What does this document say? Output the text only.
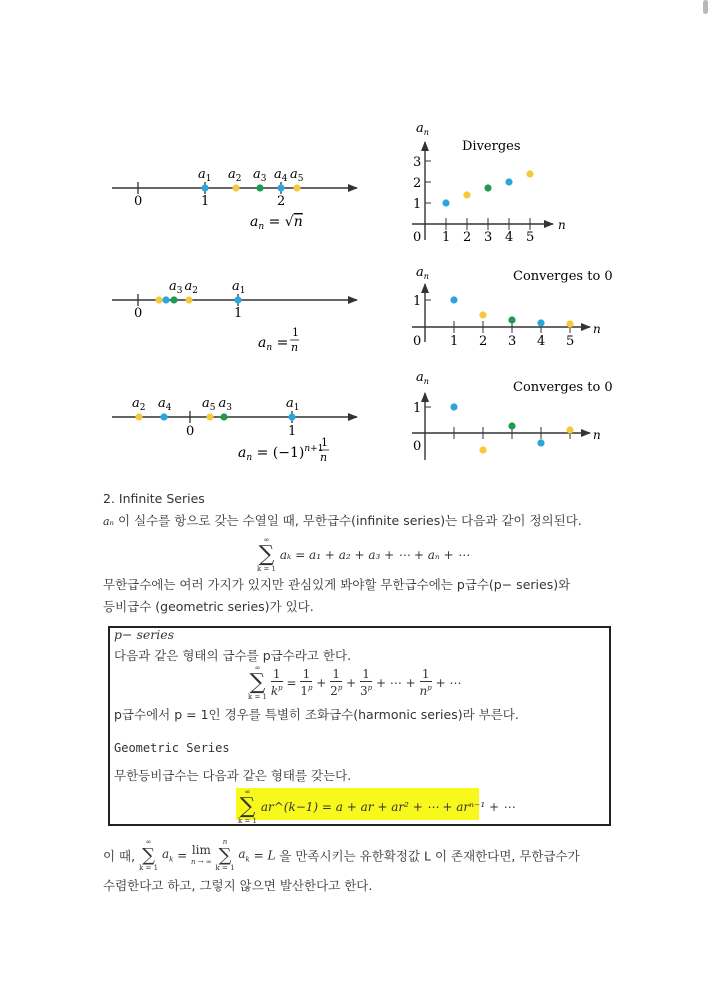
0	1	2
$a_1$ $a_2$ $a_3$ $a_4$ $a_5$
$a_n = √n$
$a_n$
n
Diverges
0
1
2
3
1 2 3 4 5
0	1
$a_3$ $a_2$	$a_1$
$a_n$ =
1
n
$a_n$
n
Converges to 0
0
1
1 2 3 4 5
0	1
$a_2$ $a_4$ $a_5$ $a_3$	$a_1$
$a_n = (-1)^n+1$
1
n
$a_n$
n
Converges to 0
0
1
2. Infinite Series
aₙ 이 실수를 항으로 갖는 수열일 때, 무한급수(infinite series)는 다음과 같이 정의된다.
∞
∑
k = 1
aₖ = a₁ + a₂ + a₃ + ⋯ + aₙ + ⋯
무한급수에는 여러 가지가 있지만 관심있게 봐야할 무한급수에는 p급수(p− series)와
등비급수 (geometric series)가 있다.
p− series
다음과 같은 형태의 급수를 p급수라고 한다.
∞
∑
k = 1
$\frac{1}{k^p} = \frac{1}{1^p} + \frac{1}{2^p} + \frac{1}{3^p}$ + ⋯ + $\frac{1}{n^p}$ + ⋯
p급수에서 p = 1인 경우를 특별히 조화급수(harmonic series)라 부른다.
Geometric Series
무한등비급수는 다음과 같은 형태를 갖는다.
∞
∑
k = 1
ar^(k−1) = a + ar + ar² + ⋯ + arⁿ⁻¹ + ⋯
이 때,
∞
∑
k = 1
$a_k = \lim$
n → ∞

n
∑
k = 1
$a_k = L$ 을 만족시키는 유한확정값 L 이 존재한다면, 무한급수가
수렴한다고 하고, 그렇지 않으면 발산한다고 한다.
